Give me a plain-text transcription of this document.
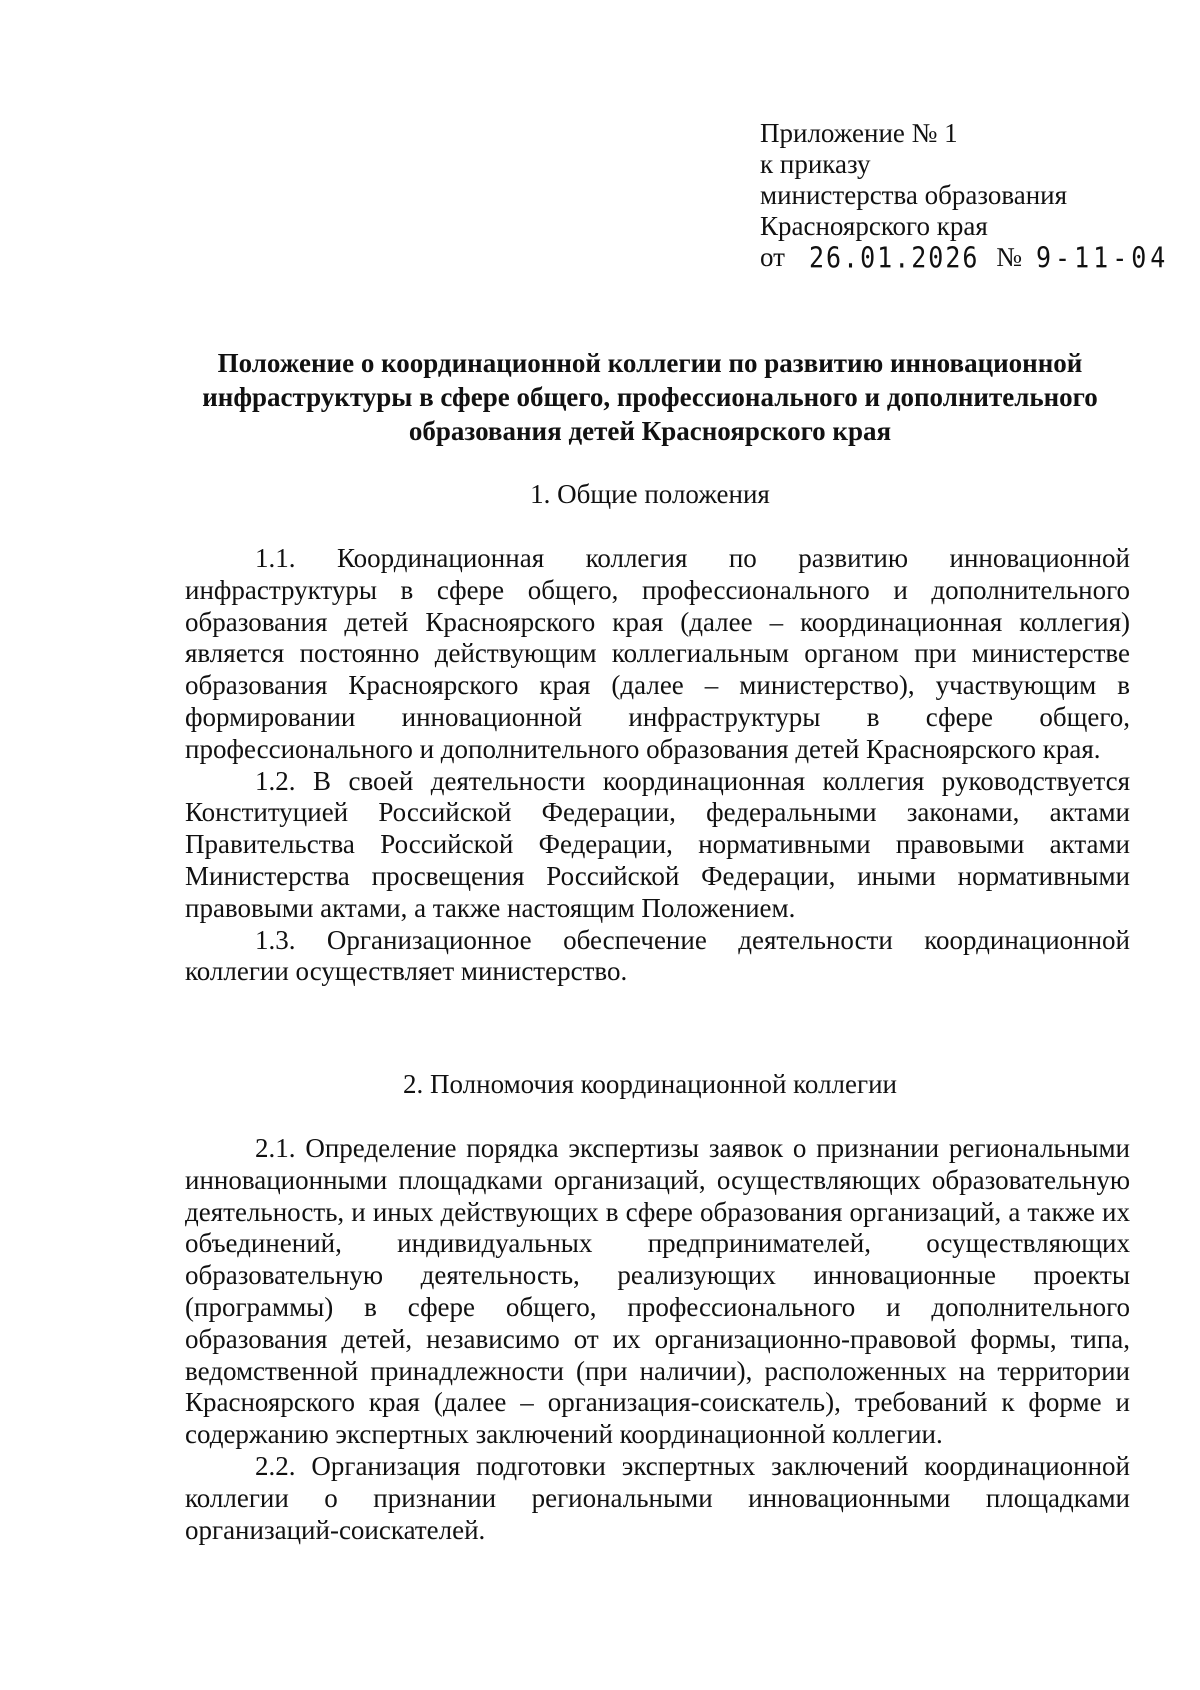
Приложение № 1
к приказу
министерства образования
Красноярского края
от 26.01.2026 № 9-11-04
Положение о координационной коллегии по развитию инновационной инфраструктуры в сфере общего, профессионального и дополнительного образования детей Красноярского края
1. Общие положения

1.1. Координационная коллегия по развитию инновационной инфраструктуры в сфере общего, профессионального и дополнительного образования детей Красноярского края (далее – координационная коллегия) является постоянно действующим коллегиальным органом при министерстве образования Красноярского края (далее – министерство), участвующим в формировании инновационной инфраструктуры в сфере общего, профессионального и дополнительного образования детей Красноярского края.

1.2. В своей деятельности координационная коллегия руководствуется Конституцией Российской Федерации, федеральными законами, актами Правительства Российской Федерации, нормативными правовыми актами Министерства просвещения Российской Федерации, иными нормативными правовыми актами, а также настоящим Положением.

1.3. Организационное обеспечение деятельности координационной коллегии осуществляет министерство.

2. Полномочия координационной коллегии

2.1. Определение порядка экспертизы заявок о признании региональными инновационными площадками организаций, осуществляющих образовательную деятельность, и иных действующих в сфере образования организаций, а также их объединений, индивидуальных предпринимателей, осуществляющих образовательную деятельность, реализующих инновационные проекты (программы) в сфере общего, профессионального и дополнительного образования детей, независимо от их организационно-правовой формы, типа, ведомственной принадлежности (при наличии), расположенных на территории Красноярского края (далее – организация-соискатель), требований к форме и содержанию экспертных заключений координационной коллегии.

2.2. Организация подготовки экспертных заключений координационной коллегии о признании региональными инновационными площадками организаций-соискателей.
